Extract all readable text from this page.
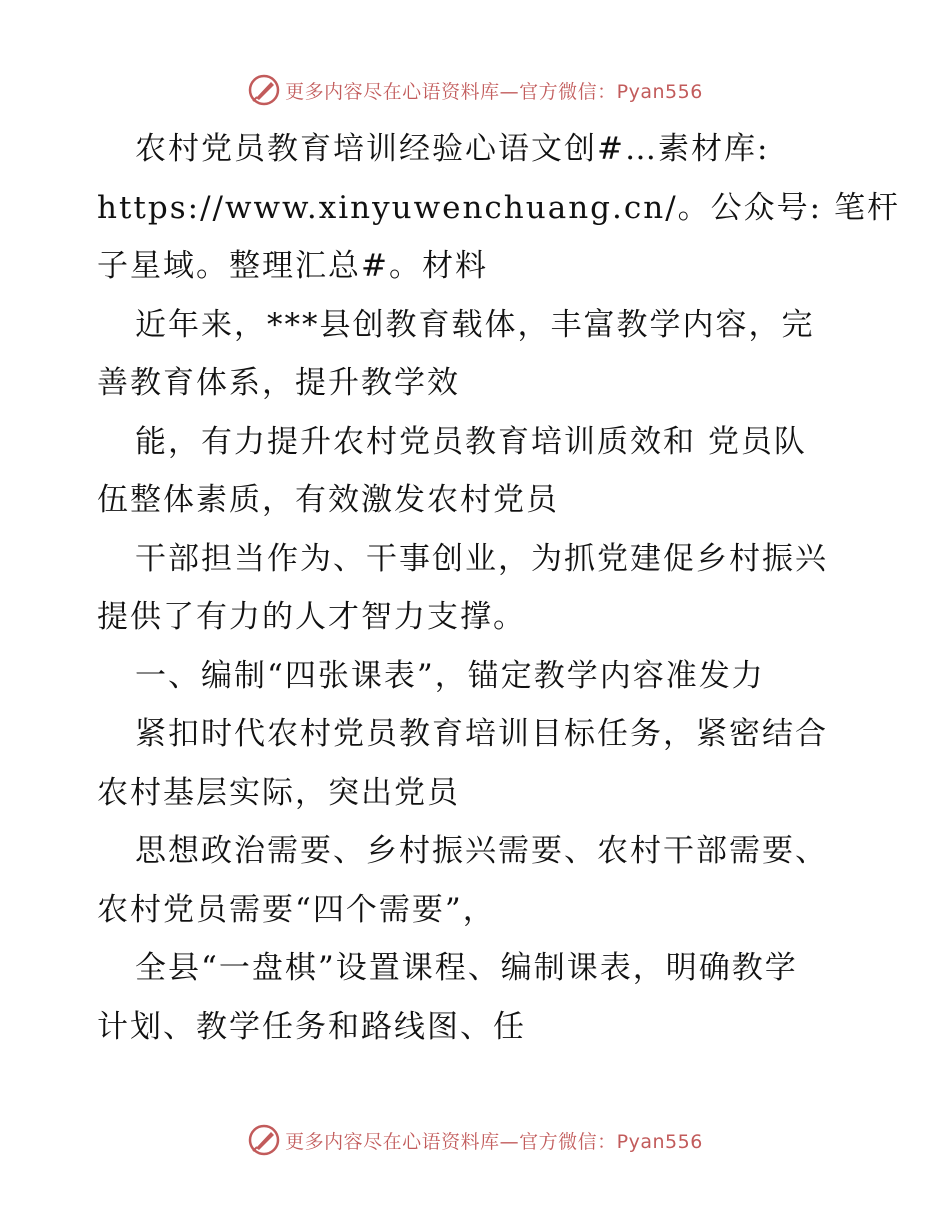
更多内容尽在心语资料库—官方微信：Pyan556
农村党员教育培训经验心语文创#…素材库:
https://www.xinyuwenchuang.cn/。公众号: 笔杆
子星域。整理汇总#。材料
近年来，***县创教育载体，丰富教学内容，完
善教育体系，提升教学效
能，有力提升农村党员教育培训质效和 党员队
伍整体素质，有效激发农村党员
干部担当作为、干事创业，为抓党建促乡村振兴
提供了有力的人才智力支撑。
一、编制“四张课表”，锚定教学内容准发力
紧扣时代农村党员教育培训目标任务，紧密结合
农村基层实际，突出党员
思想政治需要、乡村振兴需要、农村干部需要、
农村党员需要“四个需要”，
全县“一盘棋”设置课程、编制课表，明确教学
计划、教学任务和路线图、任
更多内容尽在心语资料库—官方微信：Pyan556
